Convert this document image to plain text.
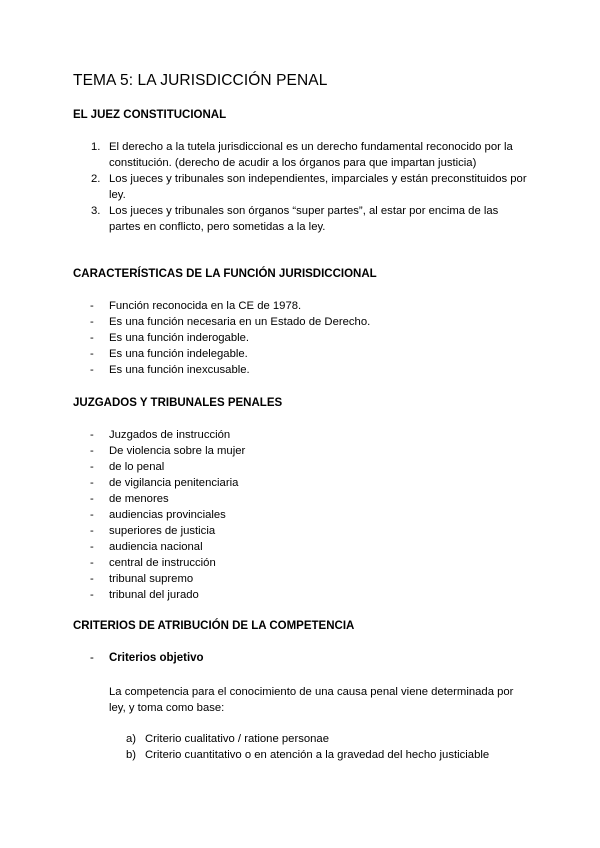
TEMA 5: LA JURISDICCIÓN PENAL
EL JUEZ CONSTITUCIONAL
1. El derecho a la tutela jurisdiccional es un derecho fundamental reconocido por la constitución. (derecho de acudir a los órganos para que impartan justicia)
2. Los jueces y tribunales son independientes, imparciales y están preconstituidos por ley.
3. Los jueces y tribunales son órganos “super partes”, al estar por encima de las partes en conflicto, pero sometidas a la ley.
CARACTERÍSTICAS DE LA FUNCIÓN JURISDICCIONAL
- Función reconocida en la CE de 1978.
- Es una función necesaria en un Estado de Derecho.
- Es una función inderogable.
- Es una función indelegable.
- Es una función inexcusable.
JUZGADOS Y TRIBUNALES PENALES
- Juzgados de instrucción
- De violencia sobre la mujer
- de lo penal
- de vigilancia penitenciaria
- de menores
- audiencias provinciales
- superiores de justicia
- audiencia nacional
- central de instrucción
- tribunal supremo
- tribunal del jurado
CRITERIOS DE ATRIBUCIÓN DE LA COMPETENCIA
- Criterios objetivo

La competencia para el conocimiento de una causa penal viene determinada por ley, y toma como base:

a) Criterio cualitativo / ratione personae
b) Criterio cuantitativo o en atención a la gravedad del hecho justiciable
